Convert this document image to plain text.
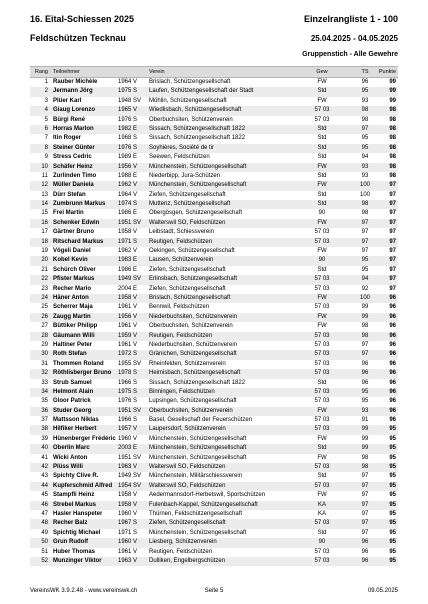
16. Eital-Schiessen 2025
Feldschützen Tecknau
Einzelrangliste 1 - 100
25.04.2025 - 04.05.2025
Gruppenstich - Alle Gewehre
Rang Teilnehmer	Verein	Gew	TS	Punkte
1 Rauber Michèle	1964 V Brislach, Schützengesellschaft	FW	96	99
2 Jermann Jörg	1975 S Laufen, Schützengesellschaft der Stadt	Std	95	99
3 Plüer Karl	1948 SV Möhlin, Schützengesellschaft	FW	93	99
4 Giaug Lorenzo	1965 V Wiedlisbach, Schützengesellschaft	57 03	98	98
5 Bürgi René	1976 S Oberbuchsiten, Schützenverein	57 03	98	98
6 Horras Marlon	1982 E Sissach, Schützengesellschaft 1822	Std	97	98
7 Itin Roger	1968 S Sissach, Schützengesellschaft 1822	Std	95	98
8 Steiner Günter	1976 S Soyhières, Société de tir	Std	95	98
9 Stress Cedric	1989 E Seewen, Feldschützen	Std	94	98
10 Schäfer Heinz	1956 V Münchenstein, Schützengesellschaft	FW	93	98
11 Zurlinden Timo	1988 E Niederbipp, Jura-Schützen	Std	93	98
12 Müller Daniela	1962 V Münchenstein, Schützengesellschaft	FW	100	97
13 Dürr Stefan	1964 V Ziefen, Schützengesellschaft	Std	100	97
14 Zumbrunn Markus 1974 S Muttenz, Schützengesellschaft	Std	98	97
15 Frei Martin	1986 E Obergösgen, Schützengesellschaft	90	98	97
16 Schenker Edwin	1951 SV Walterswil SO, Feldschützen	FW	97	97
17 Gärtner Bruno	1958 V Leibstadt, Schiessverein	57 03	97	97
18 Ritschard Markus 1971 S Reutigen, Feldschützen	57 03	97	97
19 Vögeli Daniel	1962 V Oekingen, Schützengesellschaft	FW	97	97
20 Kobel Kevin	1983 E Lausen, Schützenverein	90	95	97
21 Schürch Oliver	1986 E Ziefen, Schützengesellschaft	Std	95	97
22 Pfister Markus	1949 SV Erlinsbach, Schützengesellschaft	57 03	94	97
23 Recher Mario	2004 E Ziefen, Schützengesellschaft	57 03	92	97
24 Häner Anton	1958 V Brislach, Schützengesellschaft	FW	100	96
25 Scherrer Maja	1961 V Bennwil, Feldschützen	57 03	99	96
26 Zaugg Martin	1956 V Niederbuchsiten, Schützenverein	FW	99	96
27 Büttiker Philipp	1961 V Oberbuchsiten, Schützenverein	FW	98	96
28 Gäumann Willi	1959 V Reutigen, Feldschützen	57 03	98	96
29 Haltiner Peter	1961 V Niederbuchsiten, Schützenverein	57 03	97	96
30 Roth Stefan	1972 S Gränichen, Schützengesellschaft	57 03	97	96
31 Thommen Roland 1955 SV Rheinfelden, Schützenverein	57 03	96	96
32 Röthlisberger Bruno 1978 S Heimisbach, Schützengesellschaft	57 03	96	96
33 Strub Samuel	1966 S Sissach, Schützengesellschaft 1822	Std	96	96
34 Helmont Alain	1975 S Binningen, Feldschützen	57 03	95	96
35 Gloor Patrick	1976 S Lupsingen, Schützengesellschaft	57 03	95	96
36 Studer Georg	1951 SV Oberbuchsiten, Schützenverein	FW	93	96
37 Mattsson Niklas	1966 S Basel, Gesellschaft der Feuerschützen	57 03	91	96
38 Hilfiker Herbert	1957 V Laupersdorf, Schützenverein	57 03	99	95
39 Hünenberger Frédéric 1960 V Münchenstein, Schützengesellschaft	FW	99	95
40 Oberlin Marc	2003 E Münchenstein, Schützengesellschaft	Std	99	95
41 Wicki Anton	1951 SV Münchenstein, Schützengesellschaft	FW	98	95
42 Plüss Willi	1963 V Walterswil SO, Feldschützen	57 03	98	95
43 Spichty Clive R.	1949 SV Münchenstein, Militärschiessverein	Std	97	95
44 Kupferschmid Alfred 1954 SV Walterswil SO, Feldschützen	57 03	97	95
45 Stampfli Heinz	1958 V Aedermannsdorf-Herbetswil, Sportschützen	FW	97	95
46 Strebel Markus	1958 V Fulenbach-Kappel, Schützengesellschaft	KA	97	95
47 Hasler Hanspeter	1960 V Thürnen, Feldschützengesellschaft	KA	97	95
48 Recher Balz	1967 S Ziefen, Schützengesellschaft	57 03	97	95
49 Spichtig Michael	1971 S Münchenstein, Schützengesellschaft	Std	97	95
50 Grun Rudolf	1960 V Liesberg, Schützenverein	90	96	95
51 Huber Thomas	1961 V Reutigen, Feldschützen	57 03	96	95
52 Munzinger Viktor	1963 V Dulliken, Engelbergschützen	57 03	96	95
VereinsWK 3.9.2.48 - www.vereinswk.ch	Seite 5	09.05.2025
